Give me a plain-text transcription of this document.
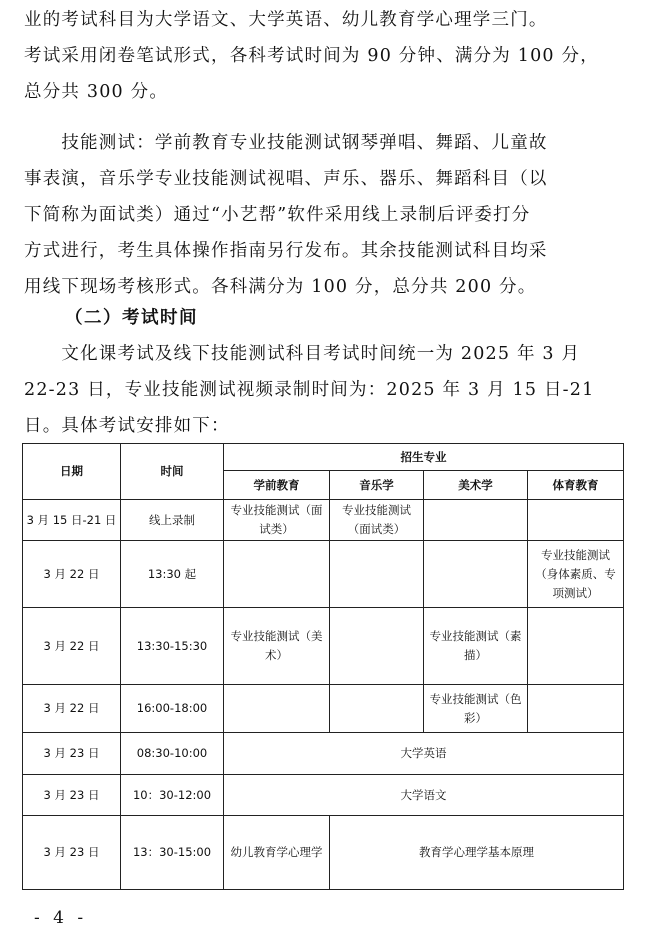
业的考试科目为大学语文、大学英语、幼儿教育学心理学三门。
考试采用闭卷笔试形式，各科考试时间为 90 分钟、满分为 100 分，
总分共 300 分。
　　技能测试：学前教育专业技能测试钢琴弹唱、舞蹈、儿童故
事表演，音乐学专业技能测试视唱、声乐、器乐、舞蹈科目（以
下简称为面试类）通过“小艺帮”软件采用线上录制后评委打分
方式进行，考生具体操作指南另行发布。其余技能测试科目均采
用线下现场考核形式。各科满分为 100 分，总分共 200 分。
（二）考试时间
　　文化课考试及线下技能测试科目考试时间统一为 2025 年 3 月
22-23 日，专业技能测试视频录制时间为：2025 年 3 月 15 日-21
日。具体考试安排如下：
日期	时间	招生专业			
		学前教育	音乐学	美术学	体育教育
3 月 15 日-21 日	线上录制	专业技能测试（面试类）	专业技能测试（面试类）		
3 月 22 日	13:30 起				专业技能测试（身体素质、专项测试）
3 月 22 日	13:30-15:30	专业技能测试（美术）		专业技能测试（素描）	
3 月 22 日	16:00-18:00			专业技能测试（色彩）	
3 月 23 日	08:30-10:00	大学英语			
3 月 23 日	10：30-12:00	大学语文			
3 月 23 日	13：30-15:00	幼儿教育学心理学	教育学心理学基本原理		
- 4 -
